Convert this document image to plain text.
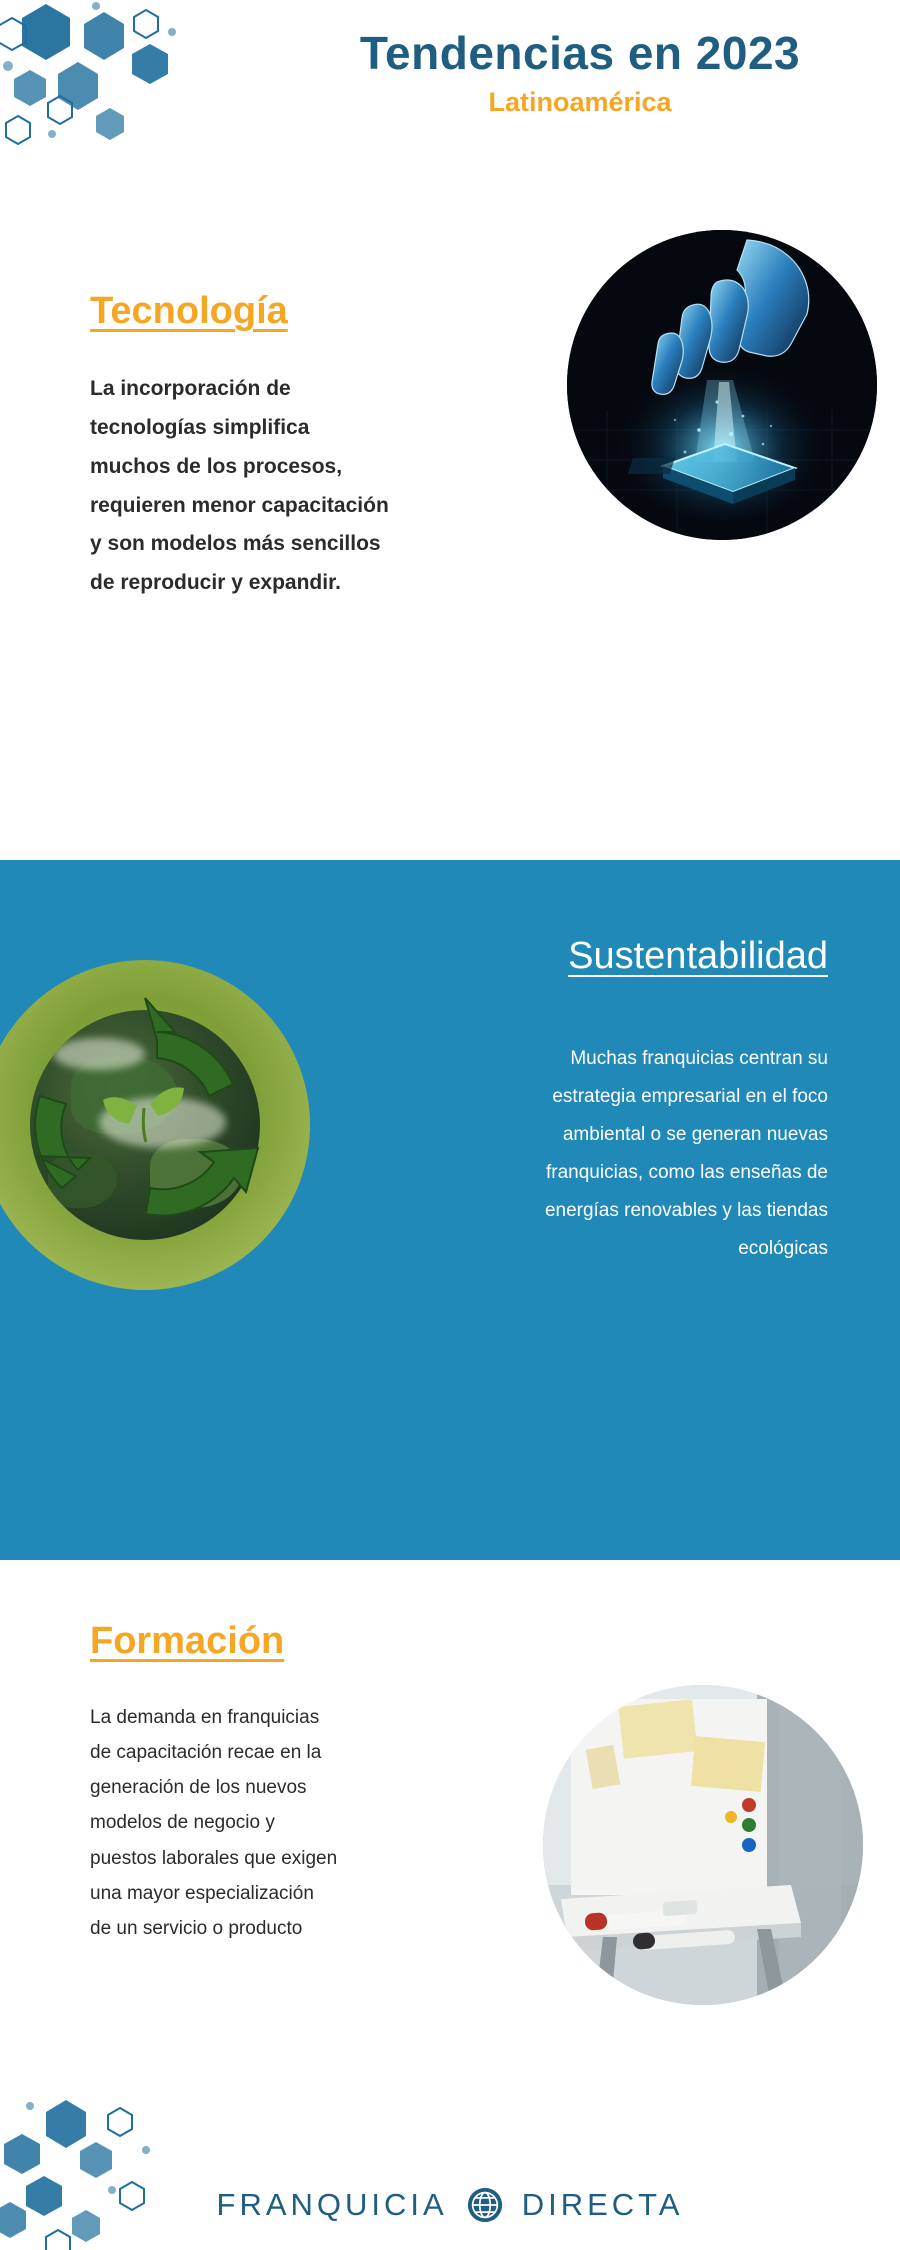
Tendencias en 2023
Latinoamérica
Tecnología
La incorporación de tecnologías simplifica muchos de los procesos, requieren menor capacitación y son modelos más sencillos de reproducir y expandir.
Sustentabilidad
Muchas franquicias centran su estrategia empresarial en el foco ambiental o se generan nuevas franquicias, como las enseñas de energías renovables y las tiendas ecológicas
Formación
La demanda en franquicias de capacitación recae en la generación de los nuevos modelos de negocio y puestos laborales que exigen una mayor especialización de un servicio o producto
FRANQUICIA DIRECTA
